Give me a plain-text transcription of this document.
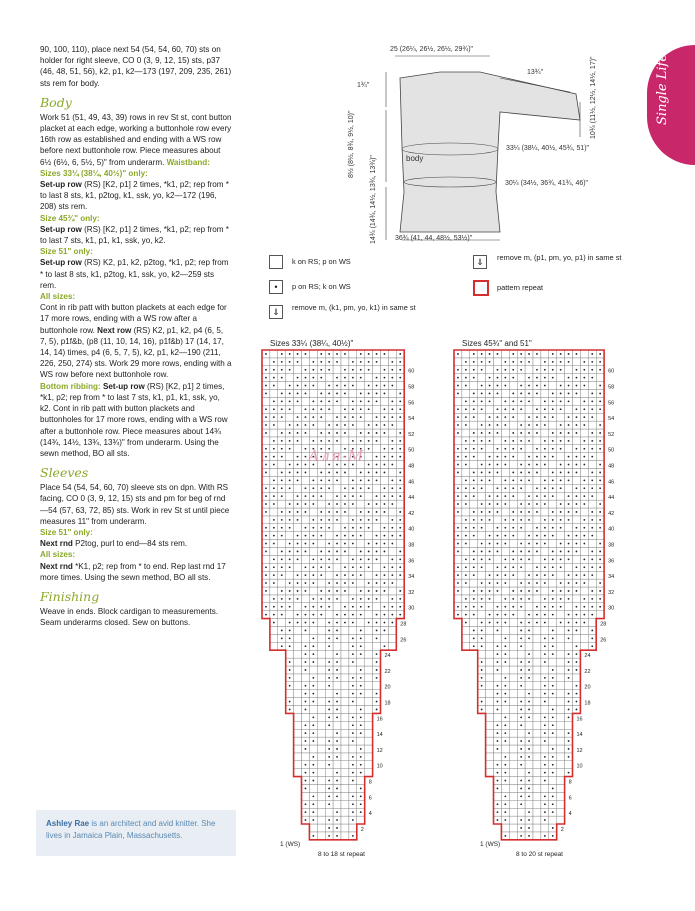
Single Life

90, 100, 110), place next 54 (54, 54, 60, 70) sts on holder for right sleeve, CO 0 (3, 9, 12, 15) sts, p37 (46, 48, 51, 56), k2, p1, k2—173 (197, 209, 235, 261) sts rem for body.

Body

Work 51 (51, 49, 43, 39) rows in rev St st, cont button placket at each edge, working a buttonhole row every 16th row as established and ending with a WS row before next buttonhole row. Piece measures about 6½ (6½, 6, 5½, 5)" from underarm. Waistband:
Sizes 33¼ (38¼, 40½)" only:
Set-up row (RS) [K2, p1] 2 times, *k1, p2; rep from * to last 8 sts, k1, p2tog, k1, ssk, yo, k2—172 (196, 208) sts rem.
Size 45¾" only:
Set-up row (RS) [K2, p1] 2 times, *k1, p2; rep from * to last 7 sts, k1, p1, k1, ssk, yo, k2.
Size 51" only:
Set-up row (RS) K2, p1, k2, p2tog, *k1, p2; rep from * to last 8 sts, k1, p2tog, k1, ssk, yo, k2—259 sts rem.
All sizes:
Cont in rib patt with button plackets at each edge for 17 more rows, ending with a WS row after a buttonhole row. Next row (RS) K2, p1, k2, p4 (6, 5, 7, 5), p1f&b, (p8 (11, 10, 14, 16), p1f&b) 17 (14, 17, 14, 14) times, p4 (6, 5, 7, 5), k2, p1, k2—190 (211, 226, 250, 274) sts. Work 29 more rows, ending with a WS row before next buttonhole row.
Bottom ribbing: Set-up row (RS) [K2, p1] 2 times, *k1, p2; rep from * to last 7 sts, k1, p1, k1, ssk, yo, k2. Cont in rib patt with button plackets and buttonholes for 17 more rows, ending with a WS row after a buttonhole row. Piece measures about 14¾ (14¾, 14½, 13¾, 13¾)" from underarm. Using the sewn method, BO all sts.

Sleeves

Place 54 (54, 54, 60, 70) sleeve sts on dpn. With RS facing, CO 0 (3, 9, 12, 15) sts and pm for beg of rnd—54 (57, 63, 72, 85) sts. Work in rev St st until piece measures 11" from underarm.
Size 51" only:
Next rnd P2tog, purl to end—84 sts rem.
All sizes:
Next rnd *K1, p2; rep from * to end. Rep last rnd 17 more times. Using the sewn method, BO all sts.

Finishing

Weave in ends. Block cardigan to measurements. Seam underarms closed. Sew on buttons.

Ashley Rae is an architect and avid knitter. She lives in Jamaica Plain, Massachusetts.
25 (26¼, 26½, 26½, 29¾)"
13¾"
1¾"	10¾ (11½, 12½, 14½, 17)"
8½ (8½, 8¾, 9½, 10)"
14¾ (14¾, 14½, 13¾, 13¾)"
33¼ (38¼, 40½, 45¾, 51)"
30¼ (34½, 36¾, 41¾, 46)"
36¾ (41, 44, 48½, 53½)"
body
k on RS; p on WS
•	p on RS; k on WS
⇓	remove m, (k1, pm, yo, k1) in same st
⇓	remove m, (p1, pm, yo, p1) in same st
pattern repeat
Sizes 33¼ (38¼, 40½)"	Sizes 45¾" and 51"
60
58
56
54
52
50
48
46
44
42
40
38
36
34
32
30
28
26
24
22
20
18
16
14
12
10
8
6
4
2
60
58
56
54
52
50
48
46
44
42
40
38
36
34
32
30
28
26
24
22
20
18
16
14
12
10
8
6
4
2
8 to 18 st repeat	8 to 20 st repeat
1 (WS)	1 (WS)
Аля-М
